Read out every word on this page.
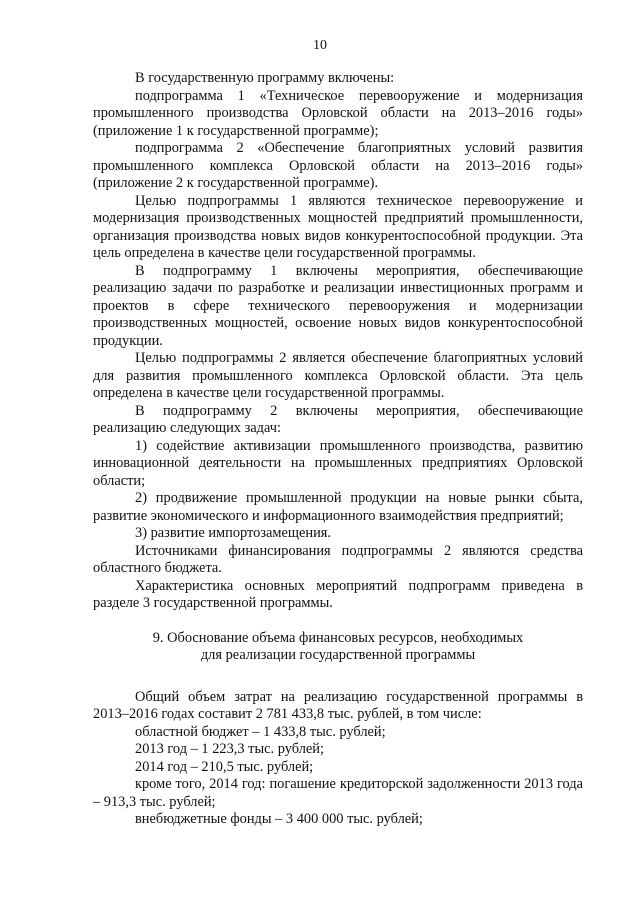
10

В государственную программу включены:

подпрограмма 1 «Техническое перевооружение и модернизация промышленного производства Орловской области на 2013–2016 годы» (приложение 1 к государственной программе);

подпрограмма 2 «Обеспечение благоприятных условий развития промышленного комплекса Орловской области на 2013–2016 годы» (приложение 2 к государственной программе).

Целью подпрограммы 1 являются техническое перевооружение и модернизация производственных мощностей предприятий промышленности, организация производства новых видов конкурентоспособной продукции. Эта цель определена в качестве цели государственной программы.

В подпрограмму 1 включены мероприятия, обеспечивающие реализацию задачи по разработке и реализации инвестиционных программ и проектов в сфере технического перевооружения и модернизации производственных мощностей, освоение новых видов конкурентоспособной продукции.

Целью подпрограммы 2 является обеспечение благоприятных условий для развития промышленного комплекса Орловской области. Эта цель определена в качестве цели государственной программы.

В подпрограмму 2 включены мероприятия, обеспечивающие реализацию следующих задач:

1) содействие активизации промышленного производства, развитию инновационной деятельности на промышленных предприятиях Орловской области;

2) продвижение промышленной продукции на новые рынки сбыта, развитие экономического и информационного взаимодействия предприятий;

3) развитие импортозамещения.

Источниками финансирования подпрограммы 2 являются средства областного бюджета.

Характеристика основных мероприятий подпрограмм приведена в разделе 3 государственной программы.

9. Обоснование объема финансовых ресурсов, необходимых
для реализации государственной программы

Общий объем затрат на реализацию государственной программы в 2013–2016 годах составит 2 781 433,8 тыс. рублей, в том числе:

областной бюджет – 1 433,8 тыс. рублей;

2013 год – 1 223,3 тыс. рублей;

2014 год – 210,5 тыс. рублей;

кроме того, 2014 год: погашение кредиторской задолженности 2013 года – 913,3 тыс. рублей;

внебюджетные фонды – 3 400 000 тыс. рублей;
